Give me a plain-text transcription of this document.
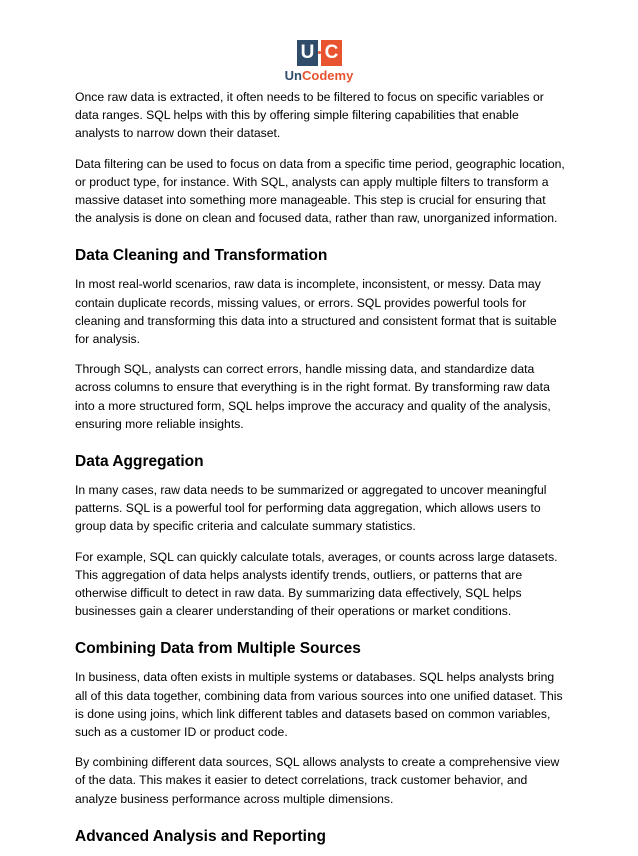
U C
UnCodemy

Once raw data is extracted, it often needs to be filtered to focus on specific variables or data ranges. SQL helps with this by offering simple filtering capabilities that enable analysts to narrow down their dataset.

Data filtering can be used to focus on data from a specific time period, geographic location, or product type, for instance. With SQL, analysts can apply multiple filters to transform a massive dataset into something more manageable. This step is crucial for ensuring that the analysis is done on clean and focused data, rather than raw, unorganized information.

Data Cleaning and Transformation

In most real-world scenarios, raw data is incomplete, inconsistent, or messy. Data may contain duplicate records, missing values, or errors. SQL provides powerful tools for cleaning and transforming this data into a structured and consistent format that is suitable for analysis.

Through SQL, analysts can correct errors, handle missing data, and standardize data across columns to ensure that everything is in the right format. By transforming raw data into a more structured form, SQL helps improve the accuracy and quality of the analysis, ensuring more reliable insights.

Data Aggregation

In many cases, raw data needs to be summarized or aggregated to uncover meaningful patterns. SQL is a powerful tool for performing data aggregation, which allows users to group data by specific criteria and calculate summary statistics.

For example, SQL can quickly calculate totals, averages, or counts across large datasets. This aggregation of data helps analysts identify trends, outliers, or patterns that are otherwise difficult to detect in raw data. By summarizing data effectively, SQL helps businesses gain a clearer understanding of their operations or market conditions.

Combining Data from Multiple Sources

In business, data often exists in multiple systems or databases. SQL helps analysts bring all of this data together, combining data from various sources into one unified dataset. This is done using joins, which link different tables and datasets based on common variables, such as a customer ID or product code.

By combining different data sources, SQL allows analysts to create a comprehensive view of the data. This makes it easier to detect correlations, track customer behavior, and analyze business performance across multiple dimensions.

Advanced Analysis and Reporting
